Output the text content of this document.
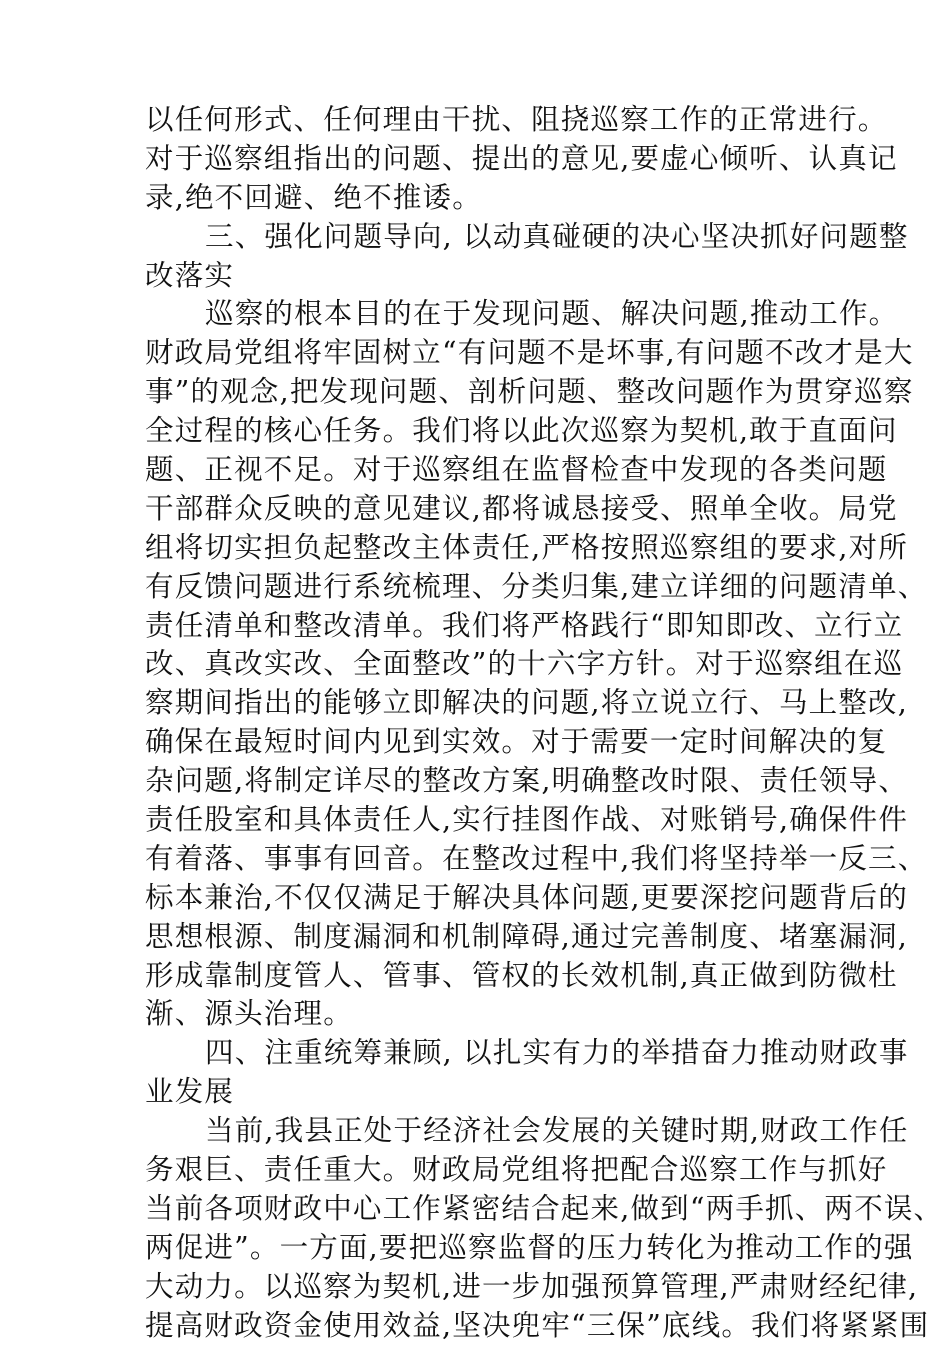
以任何形式、任何理由干扰、阻挠巡察工作的正常进行。
对于巡察组指出的问题、提出的意见,要虚心倾听、认真记
录,绝不回避、绝不推诿。
三、强化问题导向, 以动真碰硬的决心坚决抓好问题整
改落实
巡察的根本目的在于发现问题、解决问题,推动工作。
财政局党组将牢固树立“有问题不是坏事,有问题不改才是大
事”的观念,把发现问题、剖析问题、整改问题作为贯穿巡察
全过程的核心任务。我们将以此次巡察为契机,敢于直面问
题、正视不足。对于巡察组在监督检查中发现的各类问题
干部群众反映的意见建议,都将诚恳接受、照单全收。局党
组将切实担负起整改主体责任,严格按照巡察组的要求,对所
有反馈问题进行系统梳理、分类归集,建立详细的问题清单、
责任清单和整改清单。我们将严格践行“即知即改、立行立
改、真改实改、全面整改”的十六字方针。对于巡察组在巡
察期间指出的能够立即解决的问题,将立说立行、马上整改,
确保在最短时间内见到实效。对于需要一定时间解决的复
杂问题,将制定详尽的整改方案,明确整改时限、责任领导、
责任股室和具体责任人,实行挂图作战、对账销号,确保件件
有着落、事事有回音。在整改过程中,我们将坚持举一反三、
标本兼治,不仅仅满足于解决具体问题,更要深挖问题背后的
思想根源、制度漏洞和机制障碍,通过完善制度、堵塞漏洞,
形成靠制度管人、管事、管权的长效机制,真正做到防微杜
渐、源头治理。
四、注重统筹兼顾, 以扎实有力的举措奋力推动财政事
业发展
当前,我县正处于经济社会发展的关键时期,财政工作任
务艰巨、责任重大。财政局党组将把配合巡察工作与抓好
当前各项财政中心工作紧密结合起来,做到“两手抓、两不误、
两促进”。一方面,要把巡察监督的压力转化为推动工作的强
大动力。以巡察为契机,进一步加强预算管理,严肃财经纪律,
提高财政资金使用效益,坚决兜牢“三保”底线。我们将紧紧围
